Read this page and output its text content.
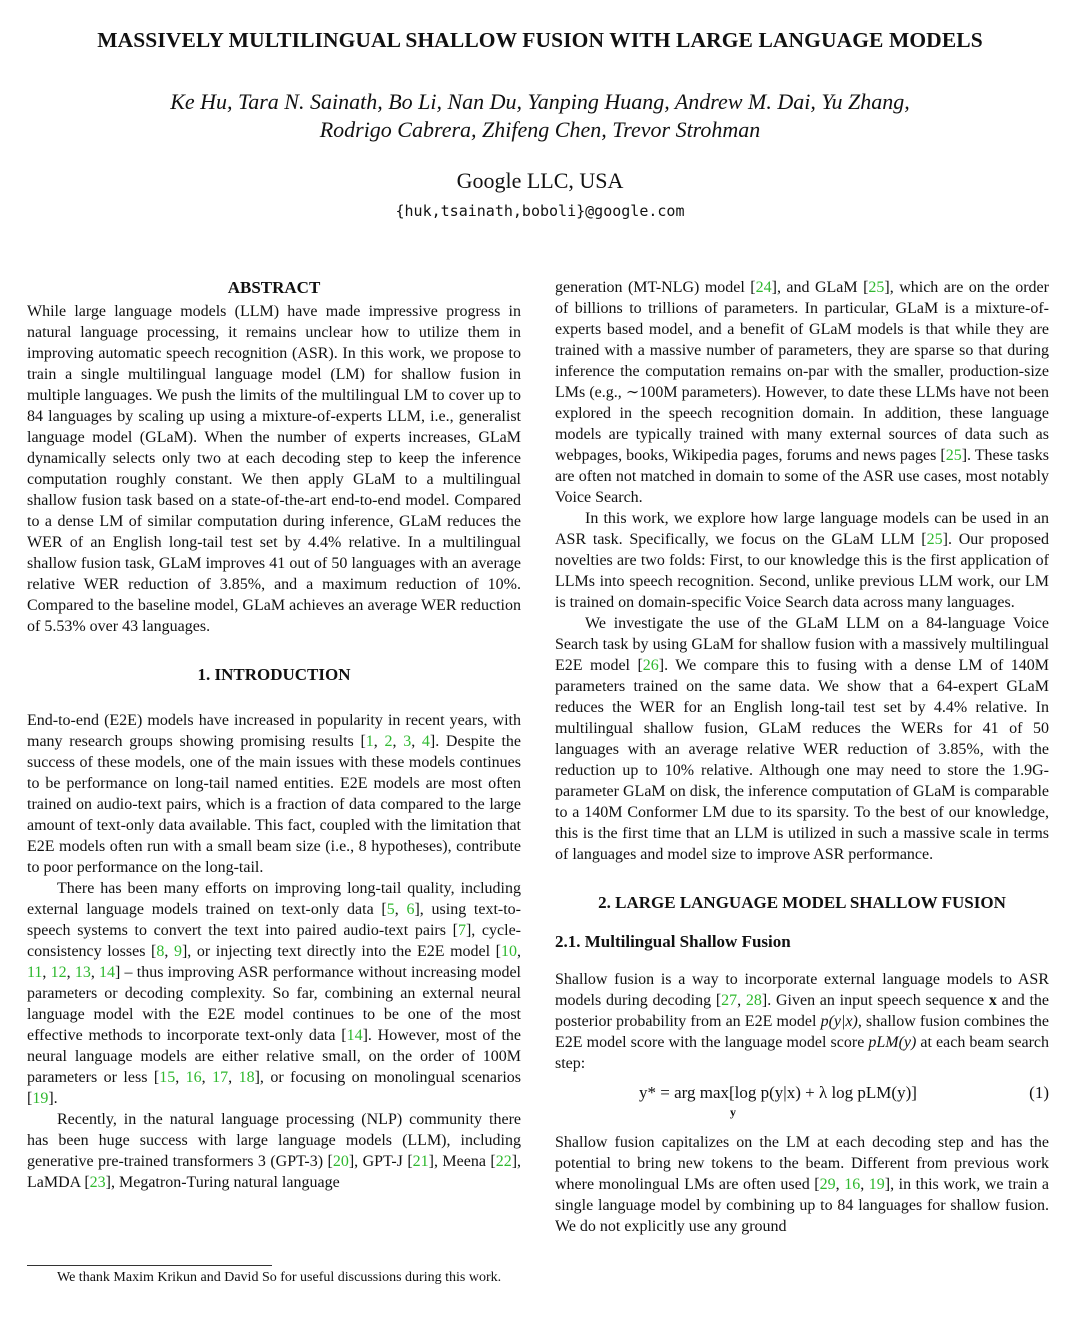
MASSIVELY MULTILINGUAL SHALLOW FUSION WITH LARGE LANGUAGE MODELS
Ke Hu, Tara N. Sainath, Bo Li, Nan Du, Yanping Huang, Andrew M. Dai, Yu Zhang,
Rodrigo Cabrera, Zhifeng Chen, Trevor Strohman
Google LLC, USA
{huk,tsainath,boboli}@google.com
ABSTRACT

While large language models (LLM) have made impressive progress in natural language processing, it remains unclear how to utilize them in improving automatic speech recognition (ASR). In this work, we propose to train a single multilingual language model (LM) for shallow fusion in multiple languages. We push the limits of the multilingual LM to cover up to 84 languages by scaling up using a mixture-of-experts LLM, i.e., generalist language model (GLaM). When the number of experts increases, GLaM dynamically selects only two at each decoding step to keep the inference computation roughly constant. We then apply GLaM to a multilingual shallow fusion task based on a state-of-the-art end-to-end model. Compared to a dense LM of similar computation during inference, GLaM reduces the WER of an English long-tail test set by 4.4% relative. In a multilingual shallow fusion task, GLaM improves 41 out of 50 languages with an average relative WER reduction of 3.85%, and a maximum reduction of 10%. Compared to the baseline model, GLaM achieves an average WER reduction of 5.53% over 43 languages.

1. INTRODUCTION

End-to-end (E2E) models have increased in popularity in recent years, with many research groups showing promising results [1, 2, 3, 4]. Despite the success of these models, one of the main issues with these models continues to be performance on long-tail named entities. E2E models are most often trained on audio-text pairs, which is a fraction of data compared to the large amount of text-only data available. This fact, coupled with the limitation that E2E models often run with a small beam size (i.e., 8 hypotheses), contribute to poor performance on the long-tail.

There has been many efforts on improving long-tail quality, including external language models trained on text-only data [5, 6], using text-to-speech systems to convert the text into paired audio-text pairs [7], cycle-consistency losses [8, 9], or injecting text directly into the E2E model [10, 11, 12, 13, 14] – thus improving ASR performance without increasing model parameters or decoding complexity. So far, combining an external neural language model with the E2E model continues to be one of the most effective methods to incorporate text-only data [14]. However, most of the neural language models are either relative small, on the order of 100M parameters or less [15, 16, 17, 18], or focusing on monolingual scenarios [19].

Recently, in the natural language processing (NLP) community there has been huge success with large language models (LLM), including generative pre-trained transformers 3 (GPT-3) [20], GPT-J [21], Meena [22], LaMDA [23], Megatron-Turing natural language

We thank Maxim Krikun and David So for useful discussions during this work.

generation (MT-NLG) model [24], and GLaM [25], which are on the order of billions to trillions of parameters. In particular, GLaM is a mixture-of-experts based model, and a benefit of GLaM models is that while they are trained with a massive number of parameters, they are sparse so that during inference the computation remains on-par with the smaller, production-size LMs (e.g., ∼100M parameters). However, to date these LLMs have not been explored in the speech recognition domain. In addition, these language models are typically trained with many external sources of data such as webpages, books, Wikipedia pages, forums and news pages [25]. These tasks are often not matched in domain to some of the ASR use cases, most notably Voice Search.

In this work, we explore how large language models can be used in an ASR task. Specifically, we focus on the GLaM LLM [25]. Our proposed novelties are two folds: First, to our knowledge this is the first application of LLMs into speech recognition. Second, unlike previous LLM work, our LM is trained on domain-specific Voice Search data across many languages.

We investigate the use of the GLaM LLM on a 84-language Voice Search task by using GLaM for shallow fusion with a massively multilingual E2E model [26]. We compare this to fusing with a dense LM of 140M parameters trained on the same data. We show that a 64-expert GLaM reduces the WER for an English long-tail test set by 4.4% relative. In multilingual shallow fusion, GLaM reduces the WERs for 41 of 50 languages with an average relative WER reduction of 3.85%, with the reduction up to 10% relative. Although one may need to store the 1.9G-parameter GLaM on disk, the inference computation of GLaM is comparable to a 140M Conformer LM due to its sparsity. To the best of our knowledge, this is the first time that an LLM is utilized in such a massive scale in terms of languages and model size to improve ASR performance.

2. LARGE LANGUAGE MODEL SHALLOW FUSION
2.1. Multilingual Shallow Fusion

Shallow fusion is a way to incorporate external language models to ASR models during decoding [27, 28]. Given an input speech sequence x and the posterior probability from an E2E model p(y|x), shallow fusion combines the E2E model score with the language model score pLM(y) at each beam search step:

y* = arg max[log p(y|x) + λ log pLM(y)]
y
(1)

Shallow fusion capitalizes on the LM at each decoding step and has the potential to bring new tokens to the beam. Different from previous work where monolingual LMs are often used [29, 16, 19], in this work, we train a single language model by combining up to 84 languages for shallow fusion. We do not explicitly use any ground
